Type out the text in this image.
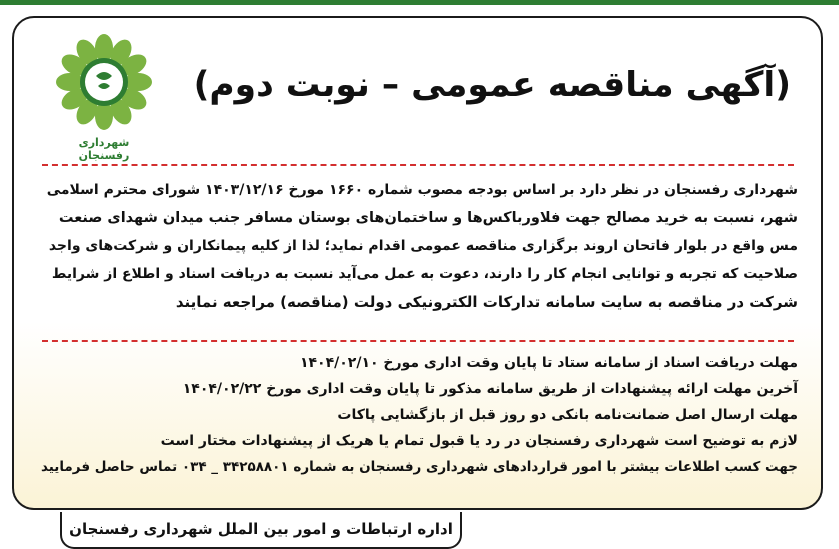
شهرداری رفسنجان
(آگهی مناقصه عمومی – نوبت دوم)
شهرداری رفسنجان در نظر دارد بر اساس بودجه مصوب شماره ۱۶۶۰ مورخ ۱۴۰۳/۱۲/۱۶ شورای محترم اسلامی
شهر، نسبت به خرید مصالح جهت فلاورباکس‌ها و ساختمان‌های بوستان مسافر جنب میدان شهدای صنعت
مس واقع در بلوار فاتحان اروند برگزاری مناقصه عمومی اقدام نماید؛ لذا از کلیه پیمانکاران و شرکت‌های واجد
صلاحیت که تجربه و توانایی انجام کار را دارند، دعوت به عمل می‌آید نسبت به دریافت اسناد و اطلاع از شرایط
شرکت در مناقصه به سایت سامانه تدارکات الکترونیکی دولت (مناقصه) مراجعه نمایند
مهلت دریافت اسناد از سامانه ستاد تا پایان وقت اداری مورخ ۱۴۰۴/۰۲/۱۰
آخرین مهلت ارائه پیشنهادات از طریق سامانه مذکور تا پایان وقت اداری مورخ ۱۴۰۴/۰۲/۲۲
مهلت ارسال اصل ضمانت‌نامه بانکی دو روز قبل از بازگشایی پاکات
لازم به توضیح است شهرداری رفسنجان در رد یا قبول تمام یا هریک از پیشنهادات مختار است
جهت کسب اطلاعات بیشتر با امور قراردادهای شهرداری رفسنجان به شماره ۳۴۲۵۸۸۰۱ _ ۰۳۴ تماس حاصل فرمایید
اداره ارتباطات و امور بین الملل شهرداری رفسنجان
